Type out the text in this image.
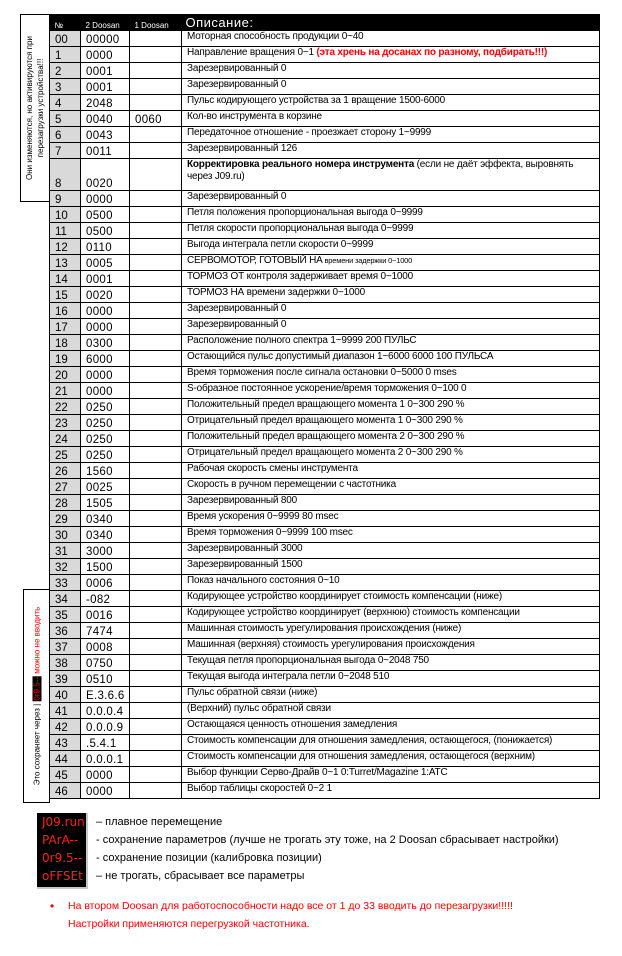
Они изменяются, но активируются при перезагрузки устройства!!!
Это сохраняет через | 0r9.5-- можно не вводить
№	2 Doosan	1 Doosan	Описание:
00	00000		Моторная способность продукции 0~40
1	0000		Направление вращения 0~1 (эта хрень на досанах по разному, подбирать!!!)
2	0001		Зарезервированный 0
3	0001		Зарезервированный 0
4	2048		Пульс кодирующего устройства за 1 вращение 1500-6000
5	0040	0060	Кол-во инструмента в корзине
6	0043		Передаточное отношение - проезжает сторону 1~9999
7	0011		Зарезервированный 126
8	0020		Корректировка реального номера инструмента (если не даёт эффекта, выровнять через J09.ru)
9	0000		Зарезервированный 0
10	0500		Петля положения пропорциональная выгода 0~9999
11	0500		Петля скорости пропорциональная выгода 0~9999
12	0110		Выгода интеграла петли скорости 0~9999
13	0005		СЕРВОМОТОР, ГОТОВЫЙ НА времени задержки 0~1000
14	0001		ТОРМОЗ ОТ контроля задерживает время 0~1000
15	0020		ТОРМОЗ НА времени задержки 0~1000
16	0000		Зарезервированный 0
17	0000		Зарезервированный 0
18	0300		Расположение полного спектра 1~9999 200 ПУЛЬС
19	6000		Остающийся пульс допустимый диапазон 1~6000 6000 100 ПУЛЬСА
20	0000		Время торможения после сигнала остановки 0~5000 0 mses
21	0000		S-образное постоянное ускорение/время торможения 0~100 0
22	0250		Положительный предел вращающего момента 1 0~300 290 %
23	0250		Отрицательный предел вращающего момента 1 0~300 290 %
24	0250		Положительный предел вращающего момента 2 0~300 290 %
25	0250		Отрицательный предел вращающего момента 2 0~300 290 %
26	1560		Рабочая скорость смены инструмента
27	0025		Скорость в ручном перемещении с частотника
28	1505		Зарезервированный 800
29	0340		Время ускорения 0~9999 80 msec
30	0340		Время торможения 0~9999 100 msec
31	3000		Зарезервированный 3000
32	1500		Зарезервированный 1500
33	0006		Показ начального состояния 0~10
34	-082		Кодирующее устройство координирует стоимость компенсации (ниже)
35	0016		Кодирующее устройство координирует (верхнюю) стоимость компенсации
36	7474		Машинная стоимость урегулирования происхождения (ниже)
37	0008		Машинная (верхняя) стоимость урегулирования происхождения
38	0750		Текущая петля пропорциональная выгода 0~2048 750
39	0510		Текущая выгода интеграла петли 0~2048 510
40	E.3.6.6		Пульс обратной связи (ниже)
41	0.0.0.4		(Верхний) пульс обратной связи
42	0.0.0.9		Остающаяся ценность отношения замедления
43	.5.4.1		Стоимость компенсации для отношения замедления, остающегося, (понижается)
44	0.0.0.1		Стоимость компенсации для отношения замедления, остающегося (верхним)
45	0000		Выбор функции Серво-Драйв 0~1 0:Turret/Magazine 1:ATC
46	0000		Выбор таблицы скоростей 0~2 1
J09.run
PArA--
0r9.5--
oFFSEt
– плавное перемещение
- сохранение параметров (лучше не трогать эту тоже, на 2 Doosan сбрасывает настройки)
- сохранение позиции (калибровка позиции)
– не трогать, сбрасывает все параметры
• На втором Doosan для работоспособности надо все от 1 до 33 вводить до перезагрузки!!!!!
Настройки применяются перегрузкой частотника.
